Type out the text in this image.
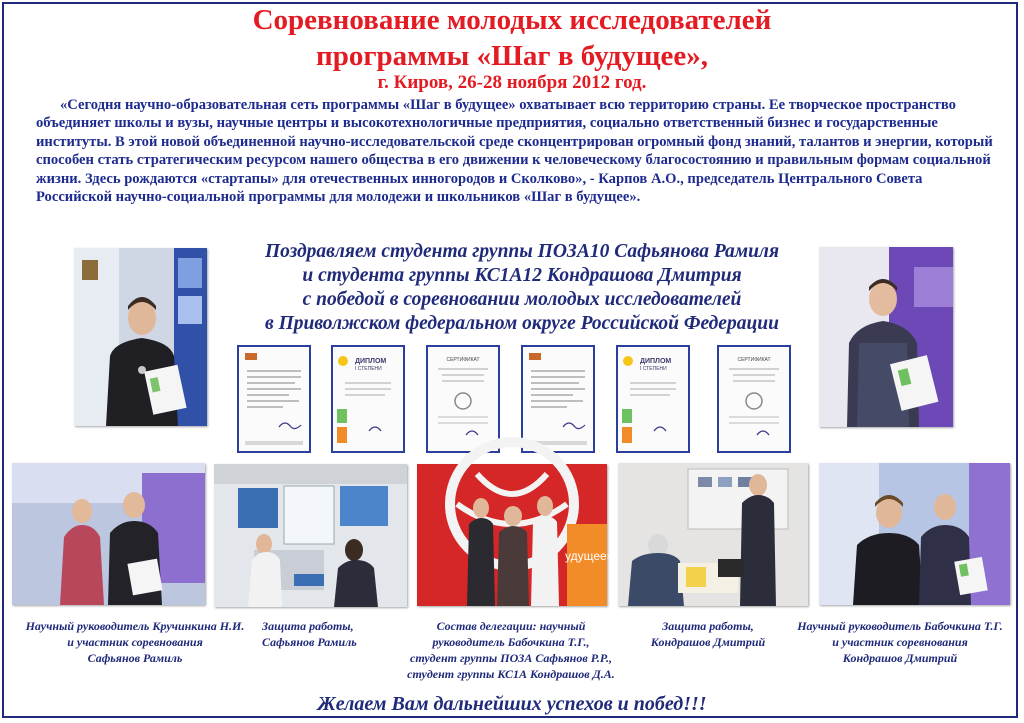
Соревнование молодых исследователей
программы «Шаг в будущее»,
г. Киров, 26-28 ноября 2012 год.
«Сегодня научно-образовательная сеть программы «Шаг в будущее» охватывает всю территорию страны. Ее творческое пространство объединяет школы и вузы, научные центры и высокотехнологичные предприятия, социально ответственный бизнес и государственные институты. В этой новой объединенной научно-исследовательской среде сконцентрирован огромный фонд знаний, талантов и энергии, который способен стать стратегическим ресурсом нашего общества в его движении к человеческому благосостоянию и правильным формам социальной жизни. Здесь рождаются «стартапы» для отечественных инногородов и Сколково», - Карпов А.О., председатель Центрального Совета Российской научно-социальной программы для молодежи и школьников «Шаг в будущее».
Поздравляем студента группы ПОЗА10 Сафьянова Рамиля
и студента группы КС1А12 Кондрашова Дмитрия
с победой в соревновании молодых исследователей
в Приволжском федеральном округе Российской Федерации
ДИПЛОМ
I СТЕПЕНИ
СЕРТИФИКАТ	ДИПЛОМ
I СТЕПЕНИ
СЕРТИФИКАТ
удущее»
Научный руководитель Кручинкина Н.И.
и участник соревнования
Сафьянов Рамиль
Защита работы,
Сафьянов Рамиль
Состав делегации: научный
руководитель Бабочкина Т.Г.,
студент группы ПОЗА Сафьянов Р.Р.,
студент группы КС1А Кондрашов Д.А.
Защита работы,
Кондрашов Дмитрий
Научный руководитель Бабочкина Т.Г.
и участник соревнования
Кондрашов Дмитрий
Желаем Вам дальнейших успехов и побед!!!
